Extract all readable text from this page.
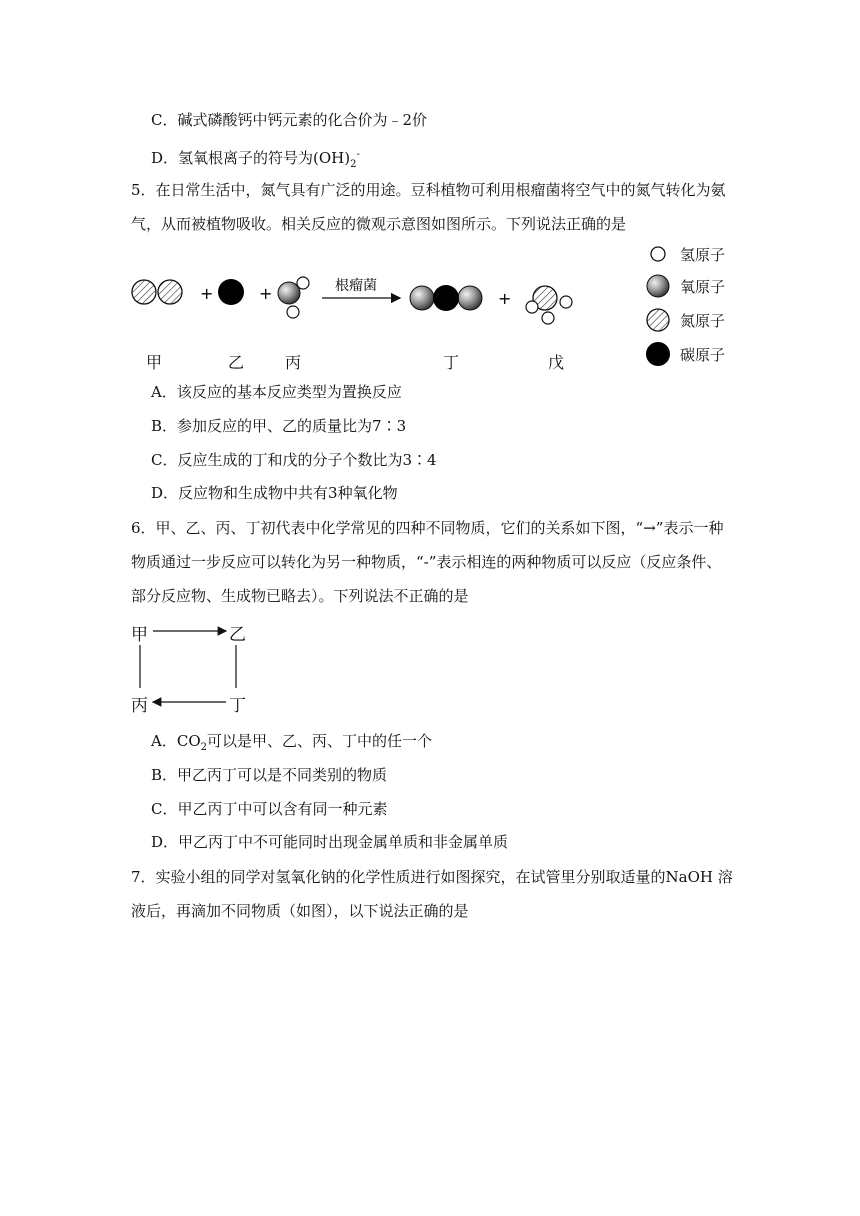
C．碱式磷酸钙中钙元素的化合价为﹣2价
D．氢氧根离子的符号为$(OH)_2^-$
5．在日常生活中，氮气具有广泛的用途。豆科植物可利用根瘤菌将空气中的氮气转化为氨
气，从而被植物吸收。相关反应的微观示意图如图所示。下列说法正确的是
+	+	根瘤菌
+
甲	乙	丙	丁	戊
氢原子
氧原子
氮原子
碳原子
A．该反应的基本反应类型为置换反应
B．参加反应的甲、乙的质量比为7∶3
C．反应生成的丁和戊的分子个数比为3∶4
D．反应物和生成物中共有3种氧化物
6．甲、乙、丙、丁初代表中化学常见的四种不同物质，它们的关系如下图，“→”表示一种
物质通过一步反应可以转化为另一种物质，“-”表示相连的两种物质可以反应（反应条件、
部分反应物、生成物已略去）。下列说法不正确的是
甲	乙
丙	丁
A．$CO_2$可以是甲、乙、丙、丁中的任一个
B．甲乙丙丁可以是不同类别的物质
C．甲乙丙丁中可以含有同一种元素
D．甲乙丙丁中不可能同时出现金属单质和非金属单质
7．实验小组的同学对氢氧化钠的化学性质进行如图探究，在试管里分别取适量的NaOH 溶
液后，再滴加不同物质（如图），以下说法正确的是
